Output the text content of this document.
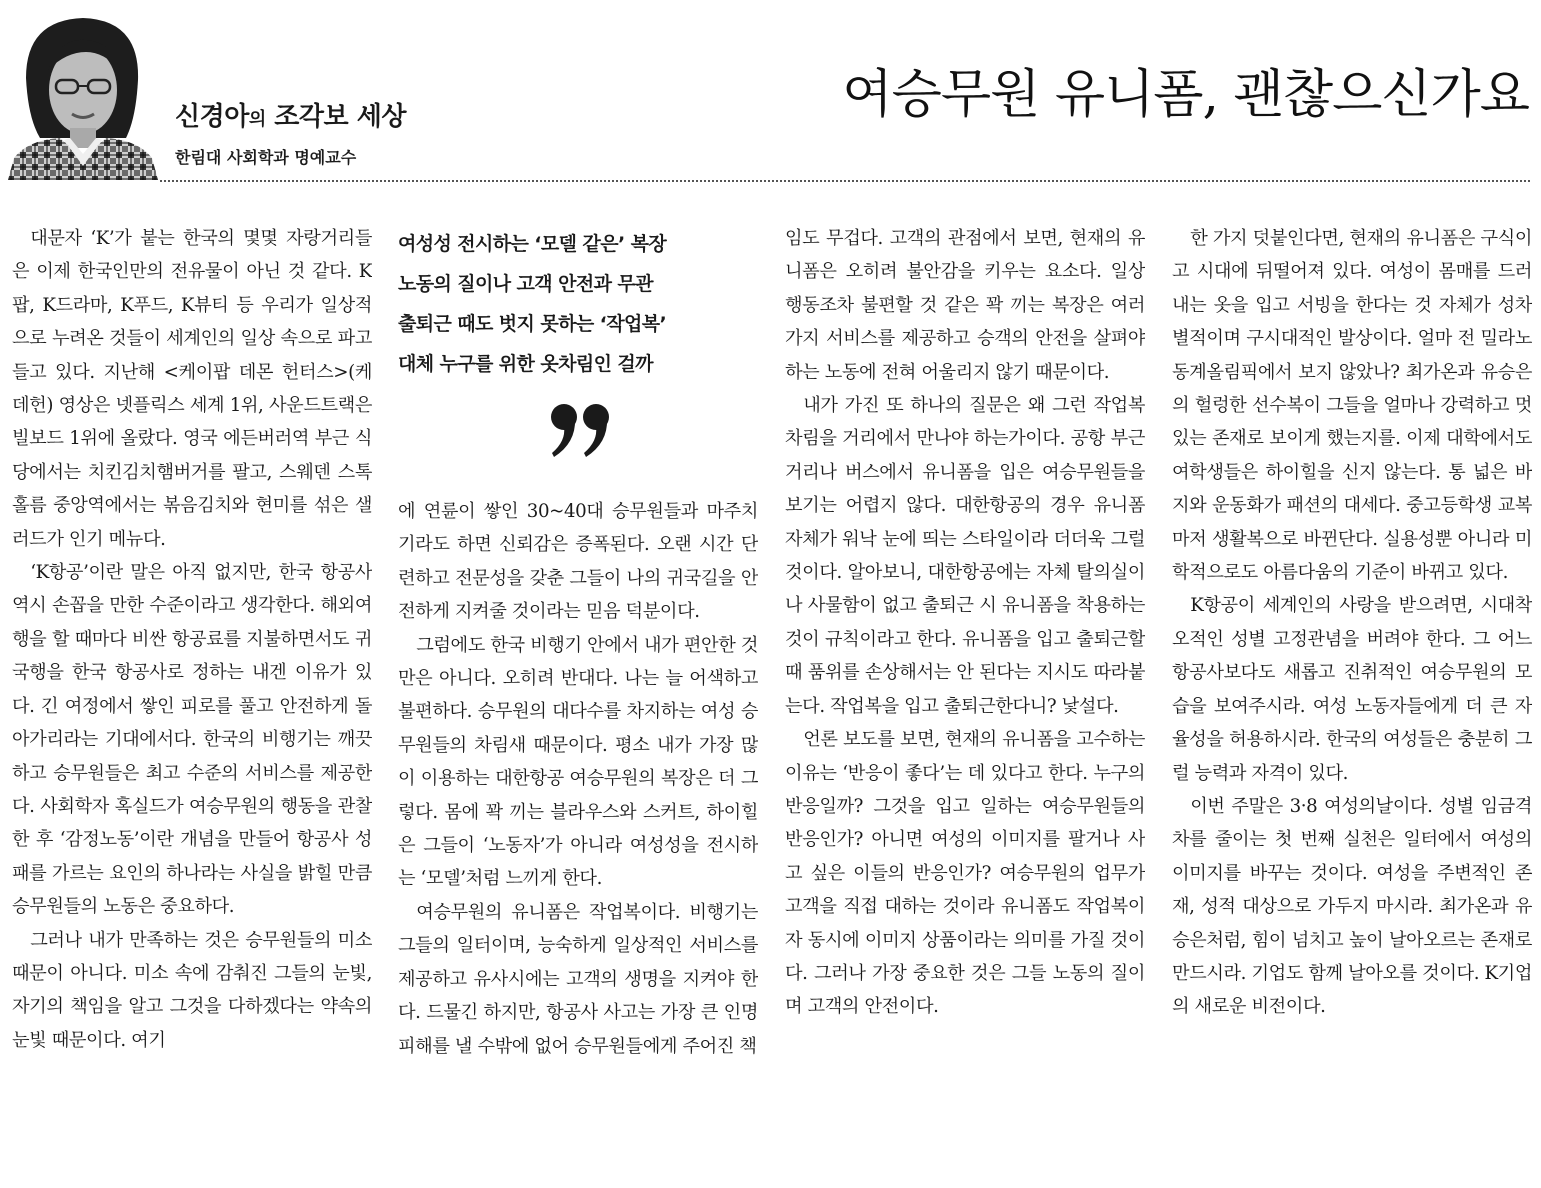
신경아의 조각보 세상
한림대 사회학과 명예교수
여승무원 유니폼, 괜찮으신가요
여성성 전시하는 ‘모델 같은’ 복장
노동의 질이나 고객 안전과 무관
출퇴근 때도 벗지 못하는 ‘작업복’
대체 누구를 위한 옷차림인 걸까

대문자 ‘K’가 붙는 한국의 몇몇 자랑거리들은 이제 한국인만의 전유물이 아닌 것 같다. K팝, K드라마, K푸드, K뷰티 등 우리가 일상적으로 누려온 것들이 세계인의 일상 속으로 파고들고 있다. 지난해 <케이팝 데몬 헌터스>(케데헌) 영상은 넷플릭스 세계 1위, 사운드트랙은 빌보드 1위에 올랐다. 영국 에든버러역 부근 식당에서는 치킨김치햄버거를 팔고, 스웨덴 스톡홀름 중앙역에서는 볶음김치와 현미를 섞은 샐러드가 인기 메뉴다.

‘K항공’이란 말은 아직 없지만, 한국 항공사 역시 손꼽을 만한 수준이라고 생각한다. 해외여행을 할 때마다 비싼 항공료를 지불하면서도 귀국행을 한국 항공사로 정하는 내겐 이유가 있다. 긴 여정에서 쌓인 피로를 풀고 안전하게 돌아가리라는 기대에서다. 한국의 비행기는 깨끗하고 승무원들은 최고 수준의 서비스를 제공한다. 사회학자 혹실드가 여승무원의 행동을 관찰한 후 ‘감정노동’이란 개념을 만들어 항공사 성패를 가르는 요인의 하나라는 사실을 밝힐 만큼 승무원들의 노동은 중요하다.

그러나 내가 만족하는 것은 승무원들의 미소 때문이 아니다. 미소 속에 감춰진 그들의 눈빛, 자기의 책임을 알고 그것을 다하겠다는 약속의 눈빛 때문이다. 여기

에 연륜이 쌓인 30~40대 승무원들과 마주치기라도 하면 신뢰감은 증폭된다. 오랜 시간 단련하고 전문성을 갖춘 그들이 나의 귀국길을 안전하게 지켜줄 것이라는 믿음 덕분이다.

그럼에도 한국 비행기 안에서 내가 편안한 것만은 아니다. 오히려 반대다. 나는 늘 어색하고 불편하다. 승무원의 대다수를 차지하는 여성 승무원들의 차림새 때문이다. 평소 내가 가장 많이 이용하는 대한항공 여승무원의 복장은 더 그렇다. 몸에 꽉 끼는 블라우스와 스커트, 하이힐은 그들이 ‘노동자’가 아니라 여성성을 전시하는 ‘모델’처럼 느끼게 한다.

여승무원의 유니폼은 작업복이다. 비행기는 그들의 일터이며, 능숙하게 일상적인 서비스를 제공하고 유사시에는 고객의 생명을 지켜야 한다. 드물긴 하지만, 항공사 사고는 가장 큰 인명 피해를 낼 수밖에 없어 승무원들에게 주어진 책

임도 무겁다. 고객의 관점에서 보면, 현재의 유니폼은 오히려 불안감을 키우는 요소다. 일상 행동조차 불편할 것 같은 꽉 끼는 복장은 여러 가지 서비스를 제공하고 승객의 안전을 살펴야 하는 노동에 전혀 어울리지 않기 때문이다.

내가 가진 또 하나의 질문은 왜 그런 작업복 차림을 거리에서 만나야 하는가이다. 공항 부근 거리나 버스에서 유니폼을 입은 여승무원들을 보기는 어렵지 않다. 대한항공의 경우 유니폼 자체가 워낙 눈에 띄는 스타일이라 더더욱 그럴 것이다. 알아보니, 대한항공에는 자체 탈의실이나 사물함이 없고 출퇴근 시 유니폼을 착용하는 것이 규칙이라고 한다. 유니폼을 입고 출퇴근할 때 품위를 손상해서는 안 된다는 지시도 따라붙는다. 작업복을 입고 출퇴근한다니? 낯설다.

언론 보도를 보면, 현재의 유니폼을 고수하는 이유는 ‘반응이 좋다’는 데 있다고 한다. 누구의 반응일까? 그것을 입고 일하는 여승무원들의 반응인가? 아니면 여성의 이미지를 팔거나 사고 싶은 이들의 반응인가? 여승무원의 업무가 고객을 직접 대하는 것이라 유니폼도 작업복이자 동시에 이미지 상품이라는 의미를 가질 것이다. 그러나 가장 중요한 것은 그들 노동의 질이며 고객의 안전이다.

한 가지 덧붙인다면, 현재의 유니폼은 구식이고 시대에 뒤떨어져 있다. 여성이 몸매를 드러내는 옷을 입고 서빙을 한다는 것 자체가 성차별적이며 구시대적인 발상이다. 얼마 전 밀라노 동계올림픽에서 보지 않았나? 최가온과 유승은의 헐렁한 선수복이 그들을 얼마나 강력하고 멋있는 존재로 보이게 했는지를. 이제 대학에서도 여학생들은 하이힐을 신지 않는다. 통 넓은 바지와 운동화가 패션의 대세다. 중고등학생 교복마저 생활복으로 바뀐단다. 실용성뿐 아니라 미학적으로도 아름다움의 기준이 바뀌고 있다.

K항공이 세계인의 사랑을 받으려면, 시대착오적인 성별 고정관념을 버려야 한다. 그 어느 항공사보다도 새롭고 진취적인 여승무원의 모습을 보여주시라. 여성 노동자들에게 더 큰 자율성을 허용하시라. 한국의 여성들은 충분히 그럴 능력과 자격이 있다.

이번 주말은 3·8 여성의날이다. 성별 임금격차를 줄이는 첫 번째 실천은 일터에서 여성의 이미지를 바꾸는 것이다. 여성을 주변적인 존재, 성적 대상으로 가두지 마시라. 최가온과 유승은처럼, 힘이 넘치고 높이 날아오르는 존재로 만드시라. 기업도 함께 날아오를 것이다. K기업의 새로운 비전이다.
